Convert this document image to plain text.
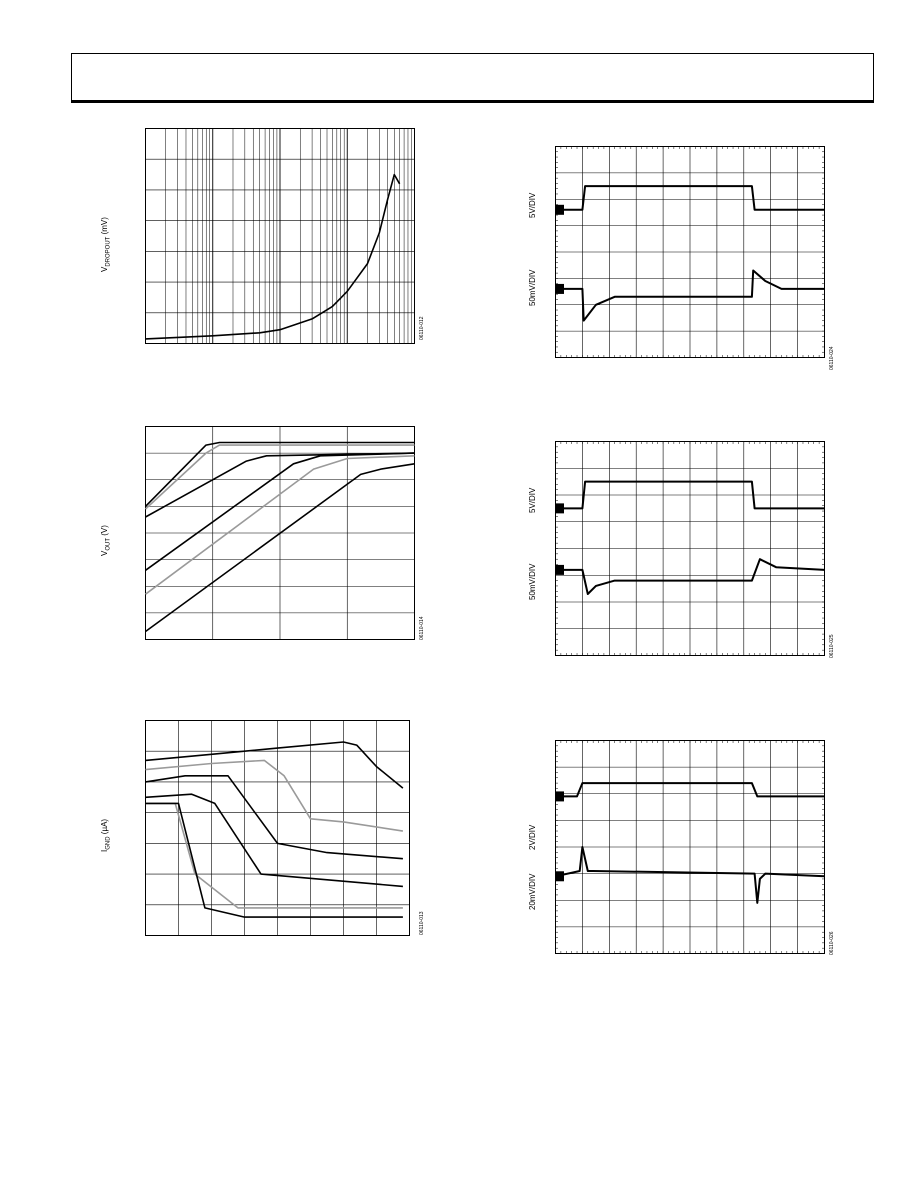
$V_{DROPOUT}$ (mV)
06110-012
$V_{OUT}$ (V)
06110-014
$I_{GND}$ (µA)
06110-013
5V/DIV
50mV/DIV
06110-024
5V/DIV
50mV/DIV
06110-025
2V/DIV
20mV/DIV
06110-026
